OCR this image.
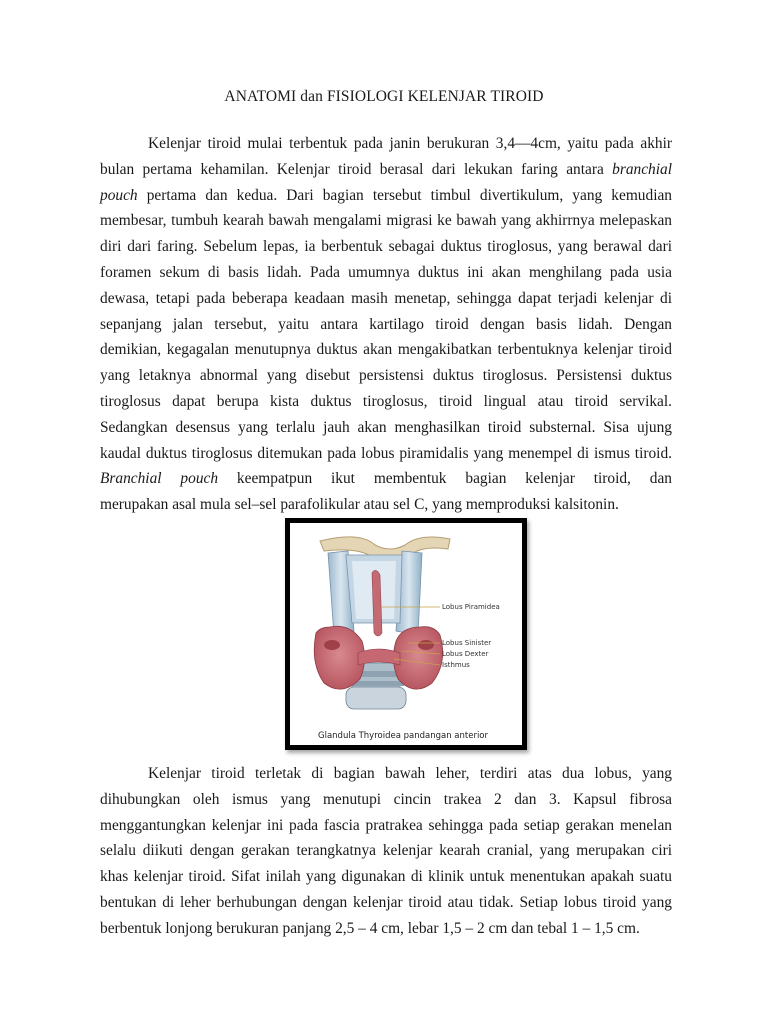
ANATOMI dan FISIOLOGI KELENJAR TIROID
Kelenjar tiroid mulai terbentuk pada janin berukuran 3,4—4cm, yaitu pada akhir
bulan pertama kehamilan. Kelenjar tiroid berasal dari lekukan faring antara branchial
pouch pertama dan kedua. Dari bagian tersebut timbul divertikulum, yang kemudian
membesar, tumbuh kearah bawah mengalami migrasi ke bawah yang akhirrnya melepaskan
diri dari faring. Sebelum lepas, ia berbentuk sebagai duktus tiroglosus, yang berawal dari
foramen sekum di basis lidah. Pada umumnya duktus ini akan menghilang pada usia
dewasa, tetapi pada beberapa keadaan masih menetap, sehingga dapat terjadi kelenjar di
sepanjang jalan tersebut, yaitu antara kartilago tiroid dengan basis lidah. Dengan
demikian, kegagalan menutupnya duktus akan mengakibatkan terbentuknya kelenjar tiroid
yang letaknya abnormal yang disebut persistensi duktus tiroglosus. Persistensi duktus
tiroglosus dapat berupa kista duktus tiroglosus, tiroid lingual atau tiroid servikal.
Sedangkan desensus yang terlalu jauh akan menghasilkan tiroid substernal. Sisa ujung
kaudal duktus tiroglosus ditemukan pada lobus piramidalis yang menempel di ismus tiroid.
Branchial pouch keempatpun ikut membentuk bagian kelenjar tiroid, dan
merupakan asal mula sel–sel parafolikular atau sel C, yang memproduksi kalsitonin.
Lobus Piramidea
Lobus Sinister
Lobus Dexter
Isthmus
Glandula Thyroidea pandangan anterior
Kelenjar tiroid terletak di bagian bawah leher, terdiri atas dua lobus, yang
dihubungkan oleh ismus yang menutupi cincin trakea 2 dan 3. Kapsul fibrosa
menggantungkan kelenjar ini pada fascia pratrakea sehingga pada setiap gerakan menelan
selalu diikuti dengan gerakan terangkatnya kelenjar kearah cranial, yang merupakan ciri
khas kelenjar tiroid. Sifat inilah yang digunakan di klinik untuk menentukan apakah suatu
bentukan di leher berhubungan dengan kelenjar tiroid atau tidak. Setiap lobus tiroid yang
berbentuk lonjong berukuran panjang 2,5 – 4 cm, lebar 1,5 – 2 cm dan tebal 1 – 1,5 cm.
